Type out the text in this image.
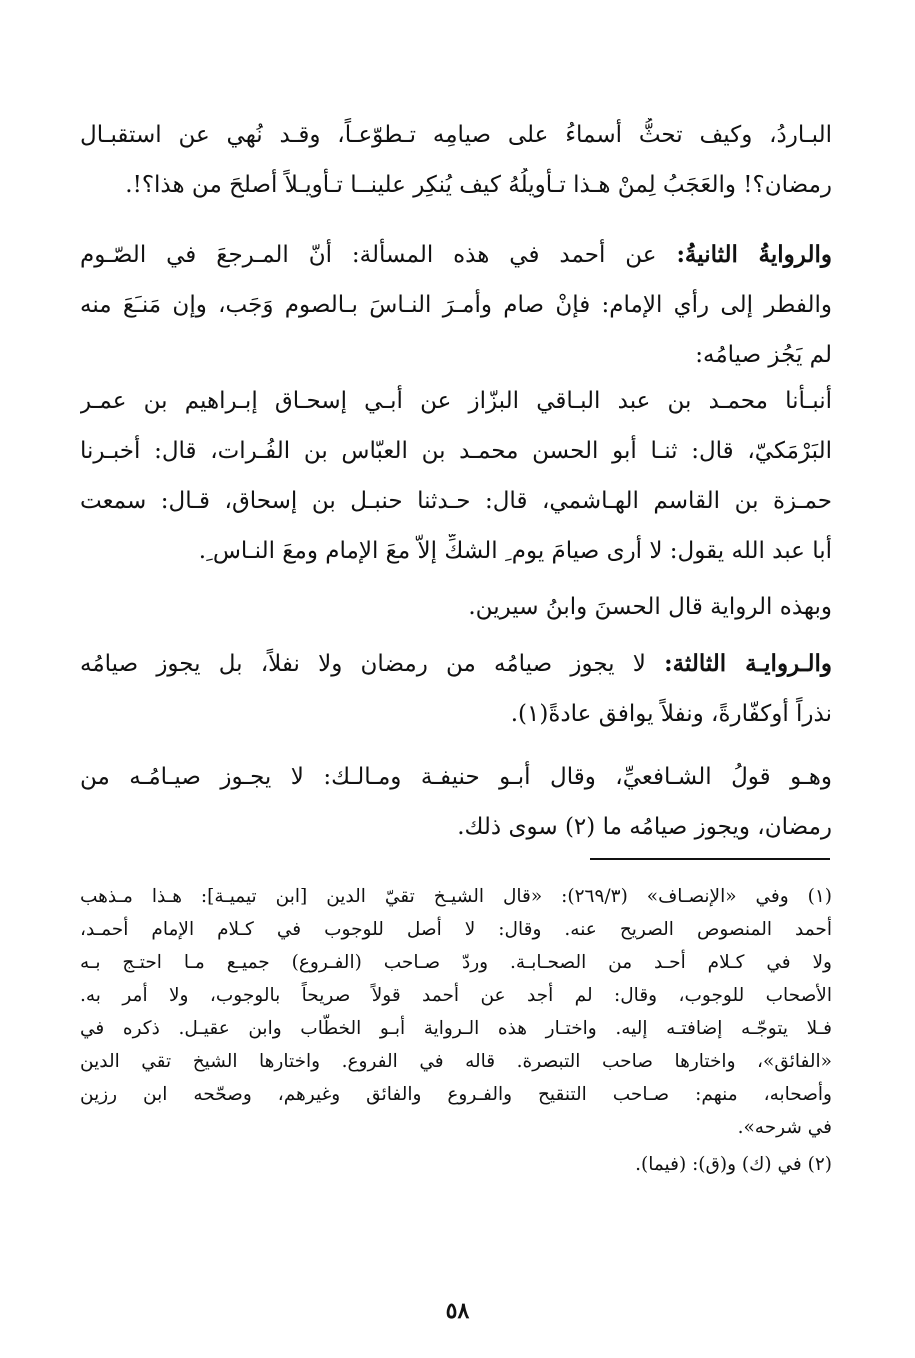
البـاردُ، وكيف تحثُّ أسماءُ على صيامِه تـطوّعـاً، وقـد نُهي عن استقبـال
رمضان؟! والعَجَبُ لِمنْ هـذا تـأويلُهُ كيف يُنكِر علينــا تـأويـلاً أصلحَ من هذا؟!.
والروايةُ الثانيةُ: عن أحمد في هذه المسألة: أنّ المـرجعَ في الصّـوم
والفطر إلى رأي الإمام: فإنْ صام وأمـرَ النـاسَ بـالصوم وَجَب، وإن مَنـَعَ منه
لم يَجُز صيامُه:
أنبـأنا محمـد بن عبد البـاقي البزّاز عن أبـي إسحـاق إبـراهيم بن عمـر
البَرْمَكيّ، قال: ثنـا أبو الحسن محمـد بن العبّاس بن الفُـرات، قال: أخبـرنا
حمـزة بن القاسم الهـاشمي، قال: حـدثنا حنبـل بن إسحاق، قـال: سمعت
أبا عبد الله يقول: لا أرى صيامَ يوم ِ الشكِّ إلاّ معَ الإمام ومعَ النـاس ِ.
وبهذه الرواية قال الحسنَ وابنُ سيرين.
والـروايـة الثالثة: لا يجوز صيامُه من رمضان ولا نفلاً، بل يجوز صيامُه
نذراً أوكفّارةً، ونفلاً يوافق عادةً(١).
وهـو قولُ الشـافعيِّ، وقال أبـو حنيفـة ومـالـك: لا يجـوز صيـامُـه من
رمضان، ويجوز صيامُه ما (٢) سوى ذلك.
(١) وفي «الإنصـاف» (٢٦٩/٣): «قال الشيـخ تقيّ الدين [ابن تيميـة]: هـذا مـذهب
أحمد المنصوص الصريح عنه. وقال: لا أصل للوجوب في كـلام الإمام أحمـد،
ولا في كـلام أحـد من الصحـابـة. وردّ صـاحب (الفـروع) جميـع مـا احتـج بـه
الأصحاب للوجوب، وقال: لم أجد عن أحمد قولاً صريحاً بالوجوب، ولا أمر به.
فـلا يتوجّـه إضافتـه إليه. واختـار هذه الـرواية أبـو الخطّاب وابن عقيـل. ذكره في
«الفائق»، واختارها صاحب التبصرة. قاله في الفروع. واختارها الشيخ تقي الدين
وأصحابه، منهم: صـاحب التنقيح والفـروع والفائق وغيرهم، وصحّحه ابن رزين
في شرحه».
(٢) في (ك) و(ق): (فيما).
٥٨
